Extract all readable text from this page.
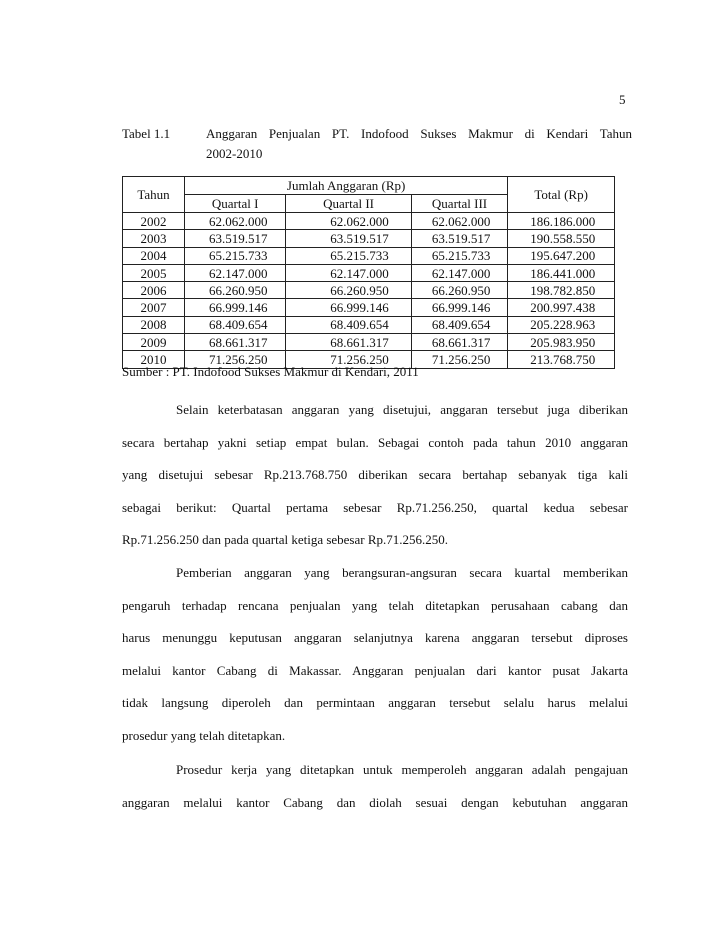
5
Tabel 1.1	Anggaran Penjualan PT. Indofood Sukses Makmur di Kendari Tahun
2002-2010
Tahun	Jumlah Anggaran (Rp)			Total (Rp)
	Quartal I	Quartal II	Quartal III	
2002	62.062.000	62.062.000	62.062.000	186.186.000
2003	63.519.517	63.519.517	63.519.517	190.558.550
2004	65.215.733	65.215.733	65.215.733	195.647.200
2005	62.147.000	62.147.000	62.147.000	186.441.000
2006	66.260.950	66.260.950	66.260.950	198.782.850
2007	66.999.146	66.999.146	66.999.146	200.997.438
2008	68.409.654	68.409.654	68.409.654	205.228.963
2009	68.661.317	68.661.317	68.661.317	205.983.950
2010	71.256.250	71.256.250	71.256.250	213.768.750
Sumber : PT. Indofood Sukses Makmur di Kendari, 2011
Selain keterbatasan anggaran yang disetujui, anggaran tersebut juga diberikan
secara bertahap yakni setiap empat bulan. Sebagai contoh pada tahun 2010 anggaran
yang disetujui sebesar Rp.213.768.750 diberikan secara bertahap sebanyak tiga kali
sebagai berikut: Quartal pertama sebesar Rp.71.256.250, quartal kedua sebesar
Rp.71.256.250 dan pada quartal ketiga sebesar Rp.71.256.250.
Pemberian anggaran yang berangsuran-angsuran secara kuartal memberikan
pengaruh terhadap rencana penjualan yang telah ditetapkan perusahaan cabang dan
harus menunggu keputusan anggaran selanjutnya karena anggaran tersebut diproses
melalui kantor Cabang di Makassar. Anggaran penjualan dari kantor pusat Jakarta
tidak langsung diperoleh dan permintaan anggaran tersebut selalu harus melalui
prosedur yang telah ditetapkan.
Prosedur kerja yang ditetapkan untuk memperoleh anggaran adalah pengajuan
anggaran melalui kantor Cabang dan diolah sesuai dengan kebutuhan anggaran
